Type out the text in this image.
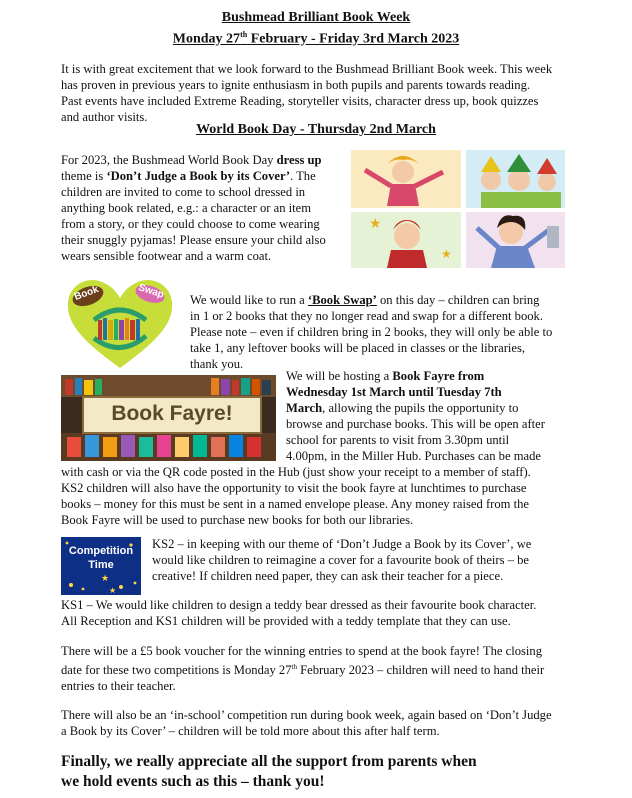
Bushmead Brilliant Book Week
Monday 27th February - Friday 3rd March 2023
It is with great excitement that we look forward to the Bushmead Brilliant Book week. This week
has proven in previous years to ignite enthusiasm in both pupils and parents towards reading.
Past events have included Extreme Reading, storyteller visits, character dress up, book quizzes
and author visits.
World Book Day - Thursday 2nd March
For 2023, the Bushmead World Book Day dress up
theme is ‘Don’t Judge a Book by its Cover’. The
children are invited to come to school dressed in
anything book related, e.g.: a character or an item
from a story, or they could choose to come wearing
their snuggly pyjamas! Please ensure your child also
wears sensible footwear and a warm coat.
★
★
Book	Swap We would like to run a ‘Book Swap’ on this day – children can bring
in 1 or 2 books that they no longer read and swap for a different book.
Please note – even if children bring in 2 books, they will only be able to
take 1, any leftover books will be placed in classes or the libraries,
thank you.
Book Fayre!
We will be hosting a Book Fayre from
Wednesday 1st March until Tuesday 7th
March, allowing the pupils the opportunity to
browse and purchase books. This will be open after
school for parents to visit from 3.30pm until
4.00pm, in the Miller Hub. Purchases can be made
with cash or via the QR code posted in the Hub (just show your receipt to a member of staff).
KS2 children will also have the opportunity to visit the book fayre at lunchtimes to purchase
books – money for this must be sent in a named envelope please. Any money raised from the
Book Fayre will be used to purchase new books for both our libraries.
★
★
Competition
Time
KS2 – in keeping with our theme of ‘Don’t Judge a Book by its Cover’, we
would like children to reimagine a cover for a favourite book of theirs – be
creative! If children need paper, they can ask their teacher for a piece.
KS1 – We would like children to design a teddy bear dressed as their favourite book character.
All Reception and KS1 children will be provided with a teddy template that they can use.
There will be a £5 book voucher for the winning entries to spend at the book fayre! The closing
date for these two competitions is Monday 27th February 2023 – children will need to hand their
entries to their teacher.
There will also be an ‘in-school’ competition run during book week, again based on ‘Don’t Judge
a Book by its Cover’ – children will be told more about this after half term.
Finally, we really appreciate all the support from parents when
we hold events such as this – thank you!
